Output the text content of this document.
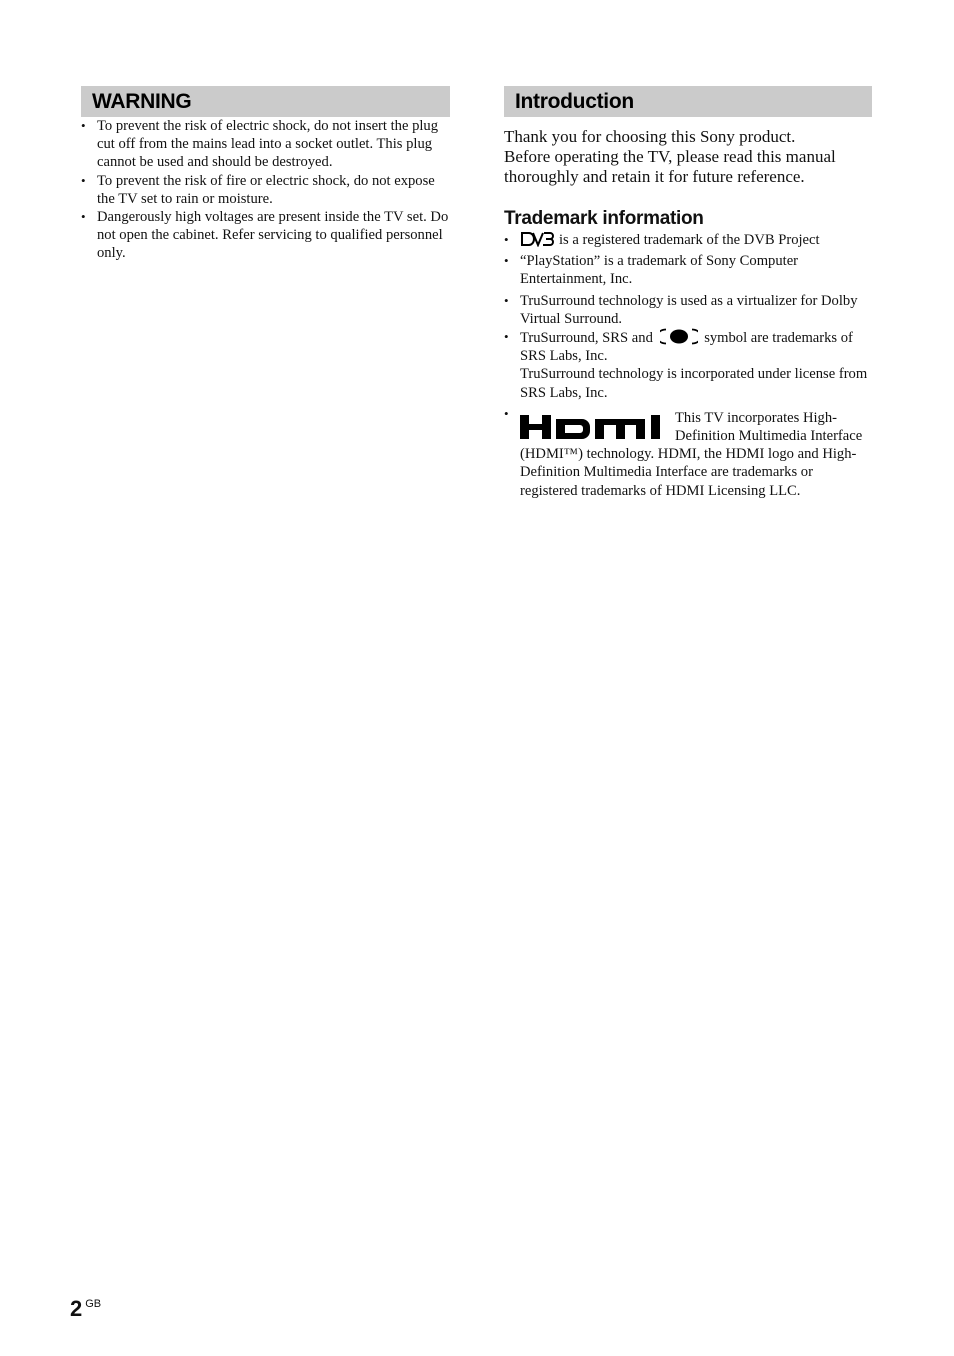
WARNING
• To prevent the risk of electric shock, do not insert the plug cut off from the mains lead into a socket outlet. This plug cannot be used and should be destroyed.
• To prevent the risk of fire or electric shock, do not expose the TV set to rain or moisture.
• Dangerously high voltages are present inside the TV set. Do not open the cabinet. Refer servicing to qualified personnel only.
Introduction
Thank you for choosing this Sony product.
Before operating the TV, please read this manual thoroughly and retain it for future reference.
Trademark information
• is a registered trademark of the DVB Project
• “PlayStation” is a trademark of Sony Computer Entertainment, Inc.
• TruSurround technology is used as a virtualizer for Dolby Virtual Surround.
• TruSurround, SRS and	symbol are trademarks of SRS Labs, Inc.
TruSurround technology is incorporated under license from SRS Labs, Inc.
• This TV incorporates High-Definition Multimedia Interface (HDMI™) technology. HDMI, the HDMI logo and High-Definition Multimedia Interface are trademarks or registered trademarks of HDMI Licensing LLC.
2 $^{GB}$
